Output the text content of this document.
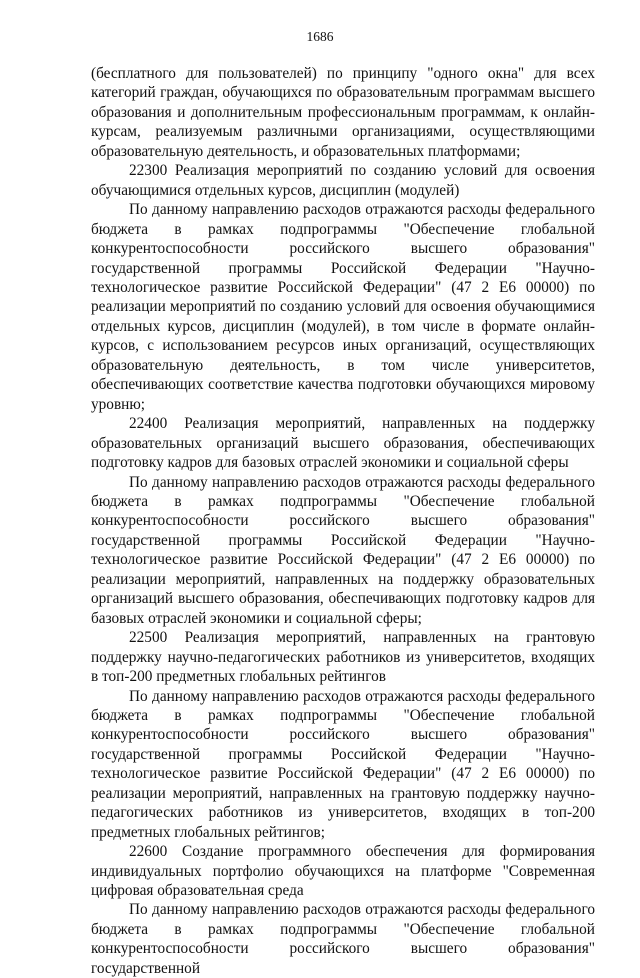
1686

(бесплатного для пользователей) по принципу "одного окна" для всех категорий граждан, обучающихся по образовательным программам высшего образования и дополнительным профессиональным программам, к онлайн-курсам, реализуемым различными организациями, осуществляющими образовательную деятельность, и образовательных платформами;

22300 Реализация мероприятий по созданию условий для освоения обучающимися отдельных курсов, дисциплин (модулей)

По данному направлению расходов отражаются расходы федерального бюджета в рамках подпрограммы "Обеспечение глобальной конкурентоспособности российского высшего образования" государственной программы Российской Федерации "Научно-технологическое развитие Российской Федерации" (47 2 Е6 00000) по реализации мероприятий по созданию условий для освоения обучающимися отдельных курсов, дисциплин (модулей), в том числе в формате онлайн-курсов, с использованием ресурсов иных организаций, осуществляющих образовательную деятельность, в том числе университетов, обеспечивающих соответствие качества подготовки обучающихся мировому уровню;

22400 Реализация мероприятий, направленных на поддержку образовательных организаций высшего образования, обеспечивающих подготовку кадров для базовых отраслей экономики и социальной сферы

По данному направлению расходов отражаются расходы федерального бюджета в рамках подпрограммы "Обеспечение глобальной конкурентоспособности российского высшего образования" государственной программы Российской Федерации "Научно-технологическое развитие Российской Федерации" (47 2 Е6 00000) по реализации мероприятий, направленных на поддержку образовательных организаций высшего образования, обеспечивающих подготовку кадров для базовых отраслей экономики и социальной сферы;

22500 Реализация мероприятий, направленных на грантовую поддержку научно-педагогических работников из университетов, входящих в топ-200 предметных глобальных рейтингов

По данному направлению расходов отражаются расходы федерального бюджета в рамках подпрограммы "Обеспечение глобальной конкурентоспособности российского высшего образования" государственной программы Российской Федерации "Научно-технологическое развитие Российской Федерации" (47 2 Е6 00000) по реализации мероприятий, направленных на грантовую поддержку научно-педагогических работников из университетов, входящих в топ-200 предметных глобальных рейтингов;

22600 Создание программного обеспечения для формирования индивидуальных портфолио обучающихся на платформе "Современная цифровая образовательная среда

По данному направлению расходов отражаются расходы федерального бюджета в рамках подпрограммы "Обеспечение глобальной конкурентоспособности российского высшего образования" государственной
